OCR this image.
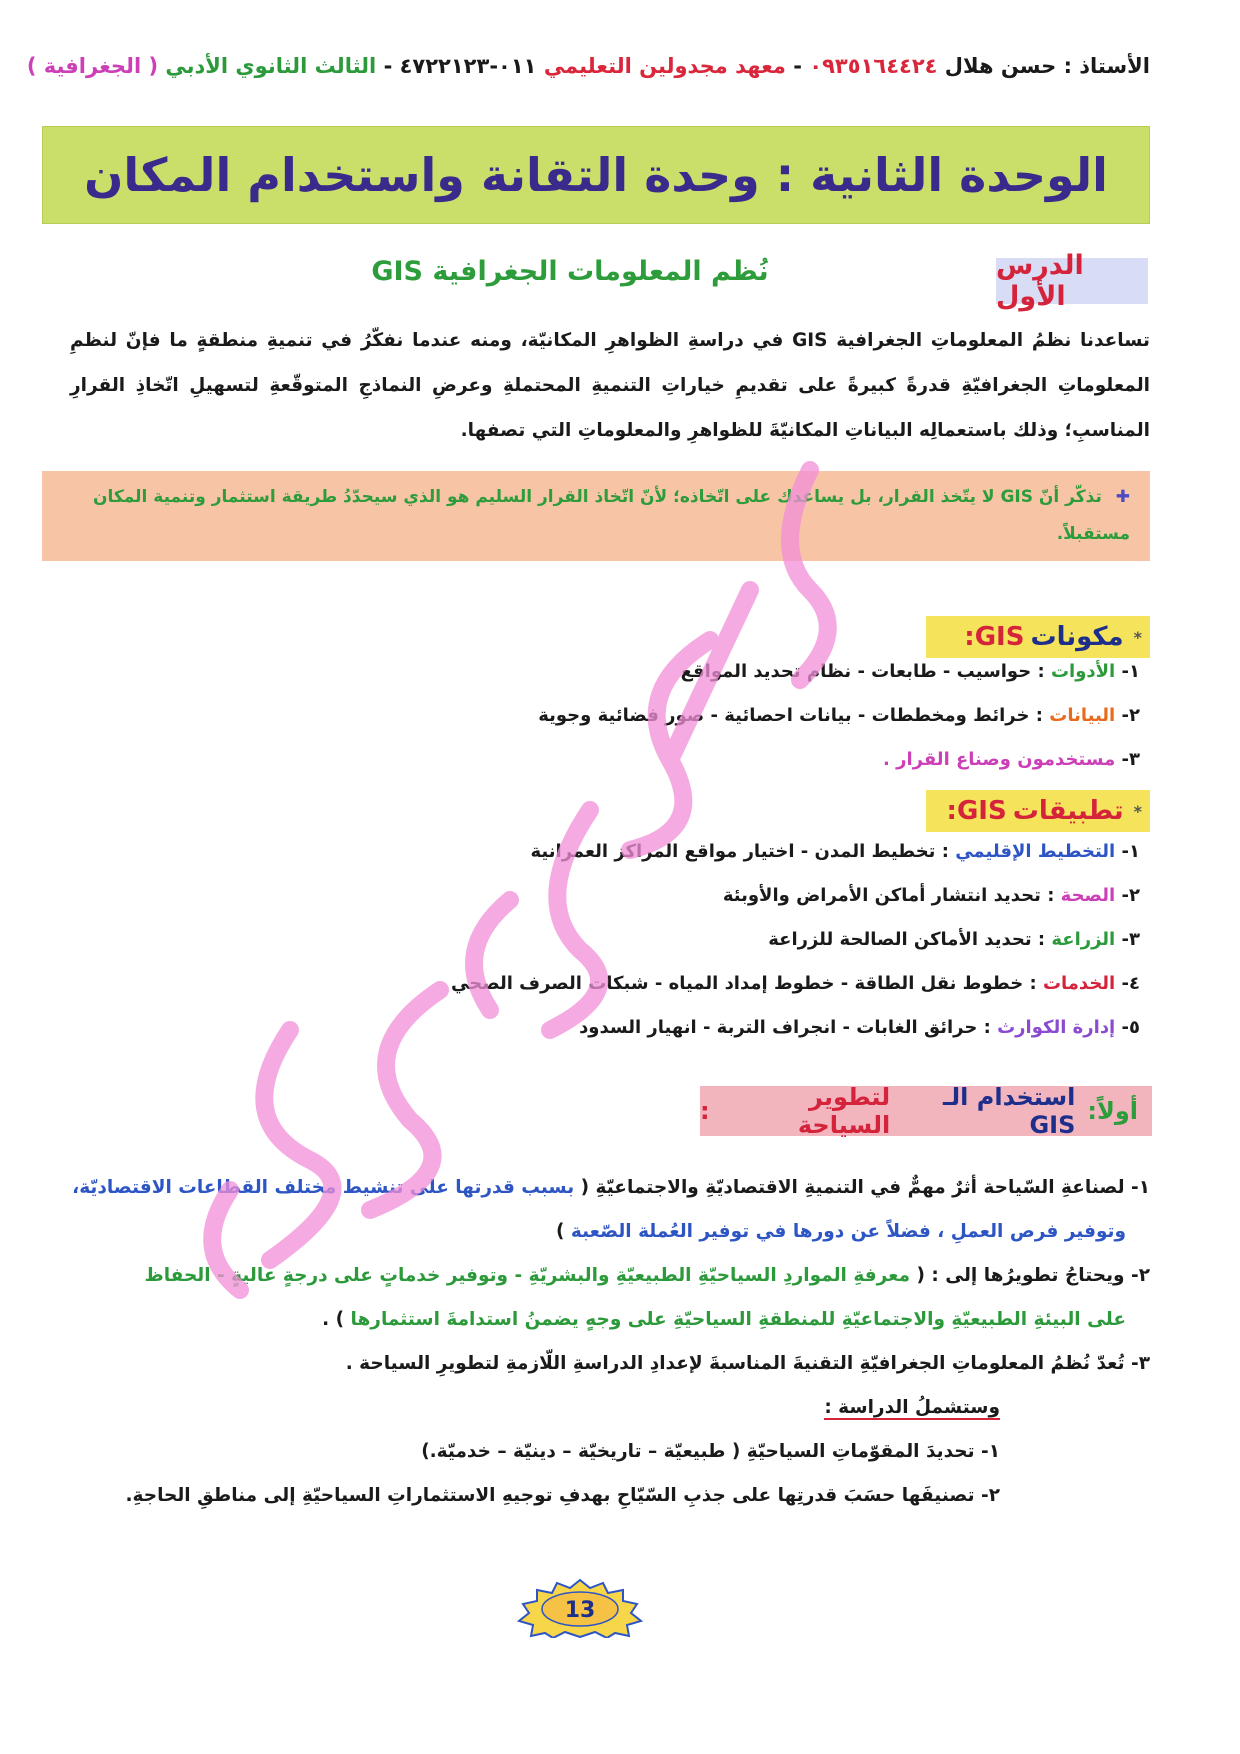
الأستاذ : حسن هلال ٠٩٣٥١٦٤٤٢٤ - معهد مجدولين التعليمي ٠١١-٤٧٢٢١٢٣ - الثالث الثانوي الأدبي ( الجغرافية )
الوحدة الثانية : وحدة التقانة واستخدام المكان
الدرس الأول
نُظم المعلومات الجغرافية GIS
تساعدنا نظمُ المعلوماتِ الجغرافية GIS في دراسةِ الظواهرِ المكانيّة، ومنه عندما نفكّرُ في تنميةِ منطقةٍ ما فإنّ لنظمِ المعلوماتِ الجغرافيّةِ قدرةً كبيرةً على تقديمِ خياراتِ التنميةِ المحتملةِ وعرضِ النماذجِ المتوقّعةِ لتسهيلِ اتّخاذِ القرارِ المناسبِ؛ وذلك باستعمالِه البياناتِ المكانيّةَ للظواهرِ والمعلوماتِ التي تصفها.
✚ تذكّر أنّ GIS لا يتّخذ القرار، بل يساعدك على اتّخاذه؛ لأنّ اتّخاذ القرار السليم هو الذي سيحدّدُ طريقة استثمار وتنمية المكان مستقبلاً.
*
مكونات
GIS:
١- الأدوات : حواسيب - طابعات - نظام تحديد المواقع
٢- البيانات : خرائط ومخططات - بيانات احصائية - صور فضائية وجوية
٣- مستخدمون وصناع القرار .
*
تطبيقات
GIS:
١- التخطيط الإقليمي : تخطيط المدن - اختيار مواقع المراكز العمرانية
٢- الصحة : تحديد انتشار أماكن الأمراض والأوبئة
٣- الزراعة : تحديد الأماكن الصالحة للزراعة
٤- الخدمات : خطوط نقل الطاقة - خطوط إمداد المياه - شبكات الصرف الصحي
٥- إدارة الكوارث : حرائق الغابات - انجراف التربة - انهيار السدود
أولاً:
استخدام الـ GIS
لتطوير السياحة
:
١- لصناعةِ السّياحة أثرٌ مهمٌّ في التنميةِ الاقتصاديّةِ والاجتماعيّةِ ( بسبب قدرتها على تنشيط مختلف القطاعات الاقتصاديّة،
وتوفير فرص العملِ ، فضلاً عن دورها في توفير العُملة الصّعبة )
٢- ويحتاجُ تطويرُها إلى : ( معرفةِ المواردِ السياحيّةِ الطبيعيّةِ والبشريّةِ - وتوفير خدماتٍ على درجةٍ عاليةٍ - الحفاظ
على البيئةِ الطبيعيّةِ والاجتماعيّةِ للمنطقةِ السياحيّةِ على وجهٍ يضمنُ استدامةَ استثمارها ) .
٣- تُعدّ نُظمُ المعلوماتِ الجغرافيّةِ التقنيةَ المناسبةَ لإعدادِ الدراسةِ اللّازمةِ لتطويرِ السياحة .
وستشملُ الدراسة :
١- تحديدَ المقوّماتِ السياحيّةِ ( طبيعيّة – تاريخيّة – دينيّة – خدميّة.)
٢- تصنيفَها حسَبَ قدرتِها على جذبِ السّيّاحِ بهدفِ توجيهِ الاستثماراتِ السياحيّةِ إلى مناطقِ الحاجةِ.
13
